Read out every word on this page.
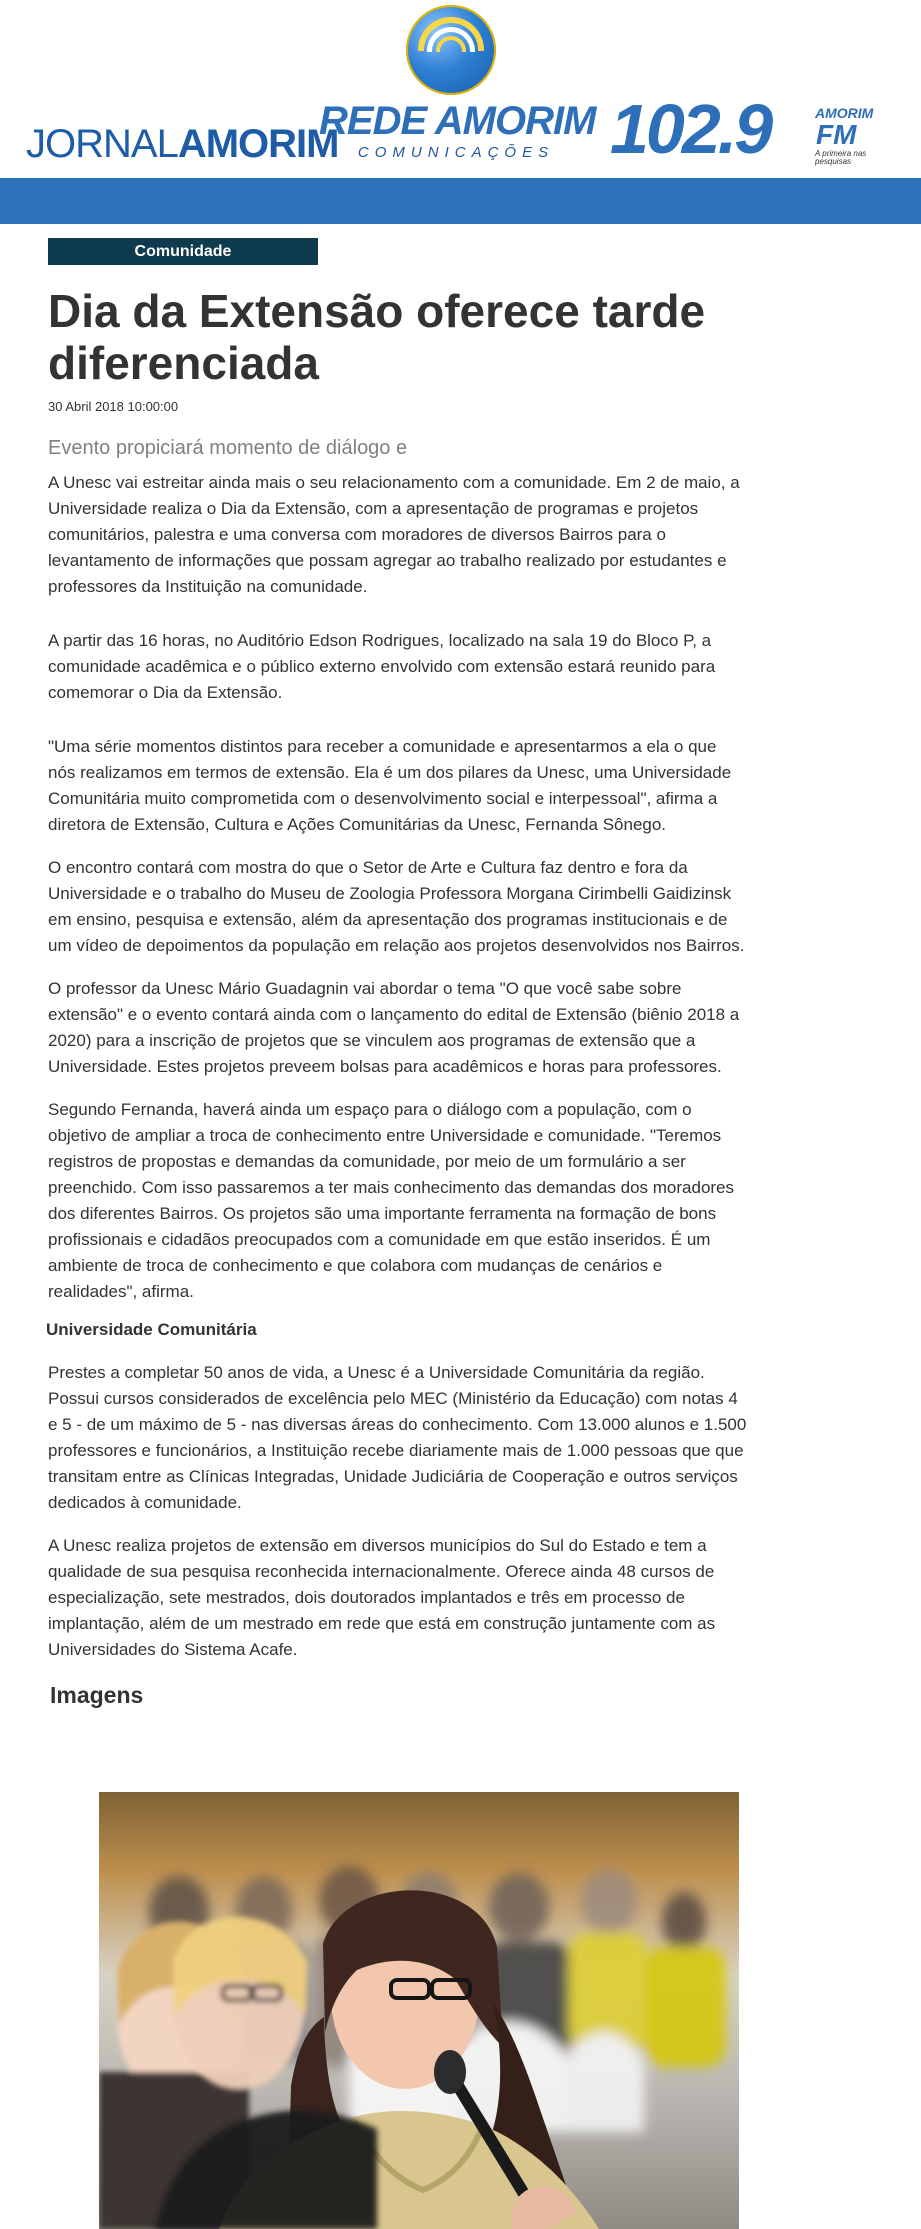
JORNALAMORIM
REDE AMORIM
COMUNICAÇÕES 102.9	AMORIM
FM
A primeira nas pesquisas
Comunidade
Dia da Extensão oferece tarde diferenciada
30 Abril 2018 10:00:00
Evento propiciará momento de diálogo e

A Unesc vai estreitar ainda mais o seu relacionamento com a comunidade. Em 2 de maio, a Universidade realiza o Dia da Extensão, com a apresentação de programas e projetos comunitários, palestra e uma conversa com moradores de diversos Bairros para o levantamento de informações que possam agregar ao trabalho realizado por estudantes e professores da Instituição na comunidade.

A partir das 16 horas, no Auditório Edson Rodrigues, localizado na sala 19 do Bloco P, a comunidade acadêmica e o público externo envolvido com extensão estará reunido para comemorar o Dia da Extensão.

"Uma série momentos distintos para receber a comunidade e apresentarmos a ela o que nós realizamos em termos de extensão. Ela é um dos pilares da Unesc, uma Universidade Comunitária muito comprometida com o desenvolvimento social e interpessoal", afirma a diretora de Extensão, Cultura e Ações Comunitárias da Unesc, Fernanda Sônego.

O encontro contará com mostra do que o Setor de Arte e Cultura faz dentro e fora da Universidade e o trabalho do Museu de Zoologia Professora Morgana Cirimbelli Gaidizinsk em ensino, pesquisa e extensão, além da apresentação dos programas institucionais e de um vídeo de depoimentos da população em relação aos projetos desenvolvidos nos Bairros.

O professor da Unesc Mário Guadagnin vai abordar o tema "O que você sabe sobre extensão" e o evento contará ainda com o lançamento do edital de Extensão (biênio 2018 a 2020) para a inscrição de projetos que se vinculem aos programas de extensão que a Universidade. Estes projetos preveem bolsas para acadêmicos e horas para professores.

Segundo Fernanda, haverá ainda um espaço para o diálogo com a população, com o objetivo de ampliar a troca de conhecimento entre Universidade e comunidade. "Teremos registros de propostas e demandas da comunidade, por meio de um formulário a ser preenchido. Com isso passaremos a ter mais conhecimento das demandas dos moradores dos diferentes Bairros. Os projetos são uma importante ferramenta na formação de bons profissionais e cidadãos preocupados com a comunidade em que estão inseridos. É um ambiente de troca de conhecimento e que colabora com mudanças de cenários e realidades", afirma.

Universidade Comunitária

Prestes a completar 50 anos de vida, a Unesc é a Universidade Comunitária da região. Possui cursos considerados de excelência pelo MEC (Ministério da Educação) com notas 4 e 5 - de um máximo de 5 - nas diversas áreas do conhecimento. Com 13.000 alunos e 1.500 professores e funcionários, a Instituição recebe diariamente mais de 1.000 pessoas que que transitam entre as Clínicas Integradas, Unidade Judiciária de Cooperação e outros serviços dedicados à comunidade.

A Unesc realiza projetos de extensão em diversos municípios do Sul do Estado e tem a qualidade de sua pesquisa reconhecida internacionalmente. Oferece ainda 48 cursos de especialização, sete mestrados, dois doutorados implantados e três em processo de implantação, além de um mestrado em rede que está em construção juntamente com as Universidades do Sistema Acafe.

Imagens
